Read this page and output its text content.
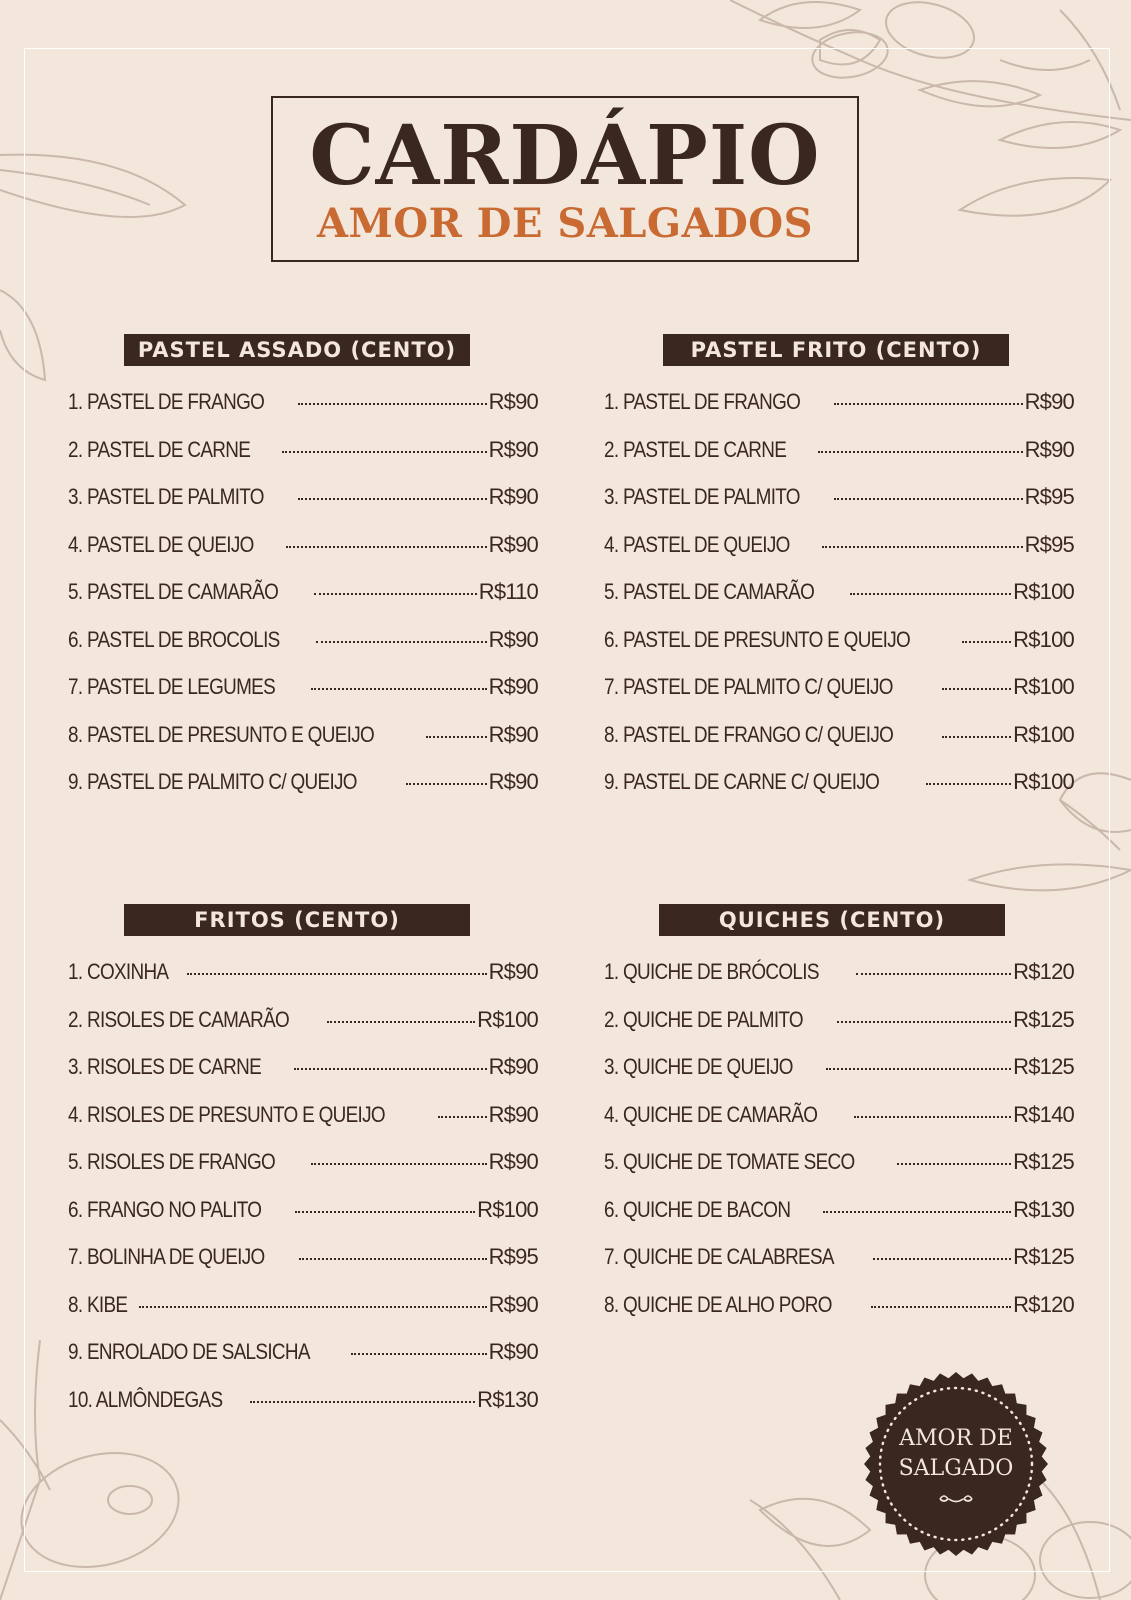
CARDÁPIO
AMOR DE SALGADOS
PASTEL ASSADO (CENTO)
1. PASTEL DE FRANGO	R$90
2. PASTEL DE CARNE	R$90
3. PASTEL DE PALMITO	R$90
4. PASTEL DE QUEIJO	R$90
5. PASTEL DE CAMARÃO	R$110
6. PASTEL DE BROCOLIS	R$90
7. PASTEL DE LEGUMES	R$90
8. PASTEL DE PRESUNTO E QUEIJO	R$90
9. PASTEL DE PALMITO C/ QUEIJO	R$90
PASTEL FRITO (CENTO)
1. PASTEL DE FRANGO	R$90
2. PASTEL DE CARNE	R$90
3. PASTEL DE PALMITO	R$95
4. PASTEL DE QUEIJO	R$95
5. PASTEL DE CAMARÃO	R$100
6. PASTEL DE PRESUNTO E QUEIJO	R$100
7. PASTEL DE PALMITO C/ QUEIJO	R$100
8. PASTEL DE FRANGO C/ QUEIJO	R$100
9. PASTEL DE CARNE C/ QUEIJO	R$100
FRITOS (CENTO)
1. COXINHA	R$90
2. RISOLES DE CAMARÃO	R$100
3. RISOLES DE CARNE	R$90
4. RISOLES DE PRESUNTO E QUEIJO	R$90
5. RISOLES DE FRANGO	R$90
6. FRANGO NO PALITO	R$100
7. BOLINHA DE QUEIJO	R$95
8. KIBE	R$90
9. ENROLADO DE SALSICHA	R$90
10. ALMÔNDEGAS	R$130
QUICHES (CENTO)
1. QUICHE DE BRÓCOLIS	R$120
2. QUICHE DE PALMITO	R$125
3. QUICHE DE QUEIJO	R$125
4. QUICHE DE CAMARÃO	R$140
5. QUICHE DE TOMATE SECO	R$125
6. QUICHE DE BACON	R$130
7. QUICHE DE CALABRESA	R$125
8. QUICHE DE ALHO PORO	R$120
AMOR DE
SALGADO
